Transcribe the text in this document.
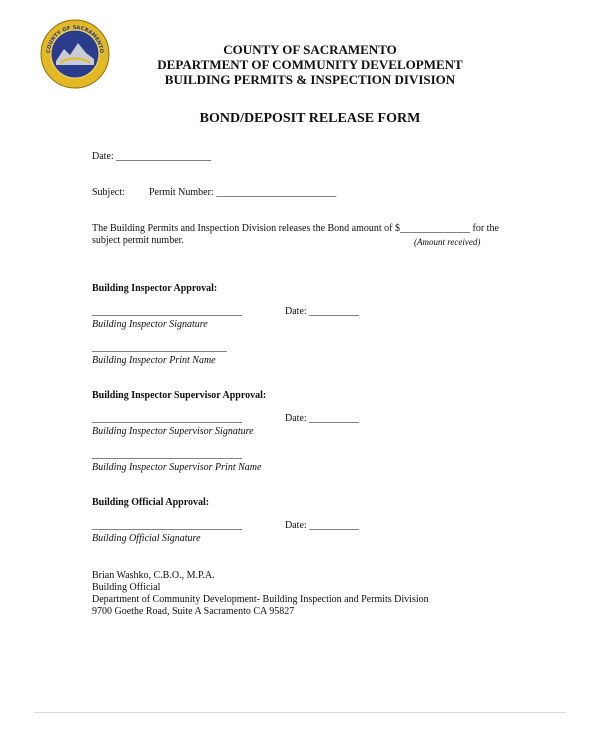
COUNTY OF SACRAMENTO
CALIFORNIA
COUNTY OF SACRAMENTO
DEPARTMENT OF COMMUNITY DEVELOPMENT
BUILDING PERMITS & INSPECTION DIVISION
BOND/DEPOSIT RELEASE FORM
Date: ___________________
Subject: Permit Number: ________________________
The Building Permits and Inspection Division releases the Bond amount of $______________ for the
subject permit number.	(Amount received)
Building Inspector Approval:
______________________________	Date: __________
Building Inspector Signature
___________________________
Building Inspector Print Name
Building Inspector Supervisor Approval:
______________________________	Date: __________
Building Inspector Supervisor Signature
______________________________
Building Inspector Supervisor Print Name
Building Official Approval:
______________________________	Date: __________
Building Official Signature
Brian Washko, C.B.O., M.P.A.
Building Official
Department of Community Development- Building Inspection and Permits Division
9700 Goethe Road, Suite A Sacramento CA 95827
